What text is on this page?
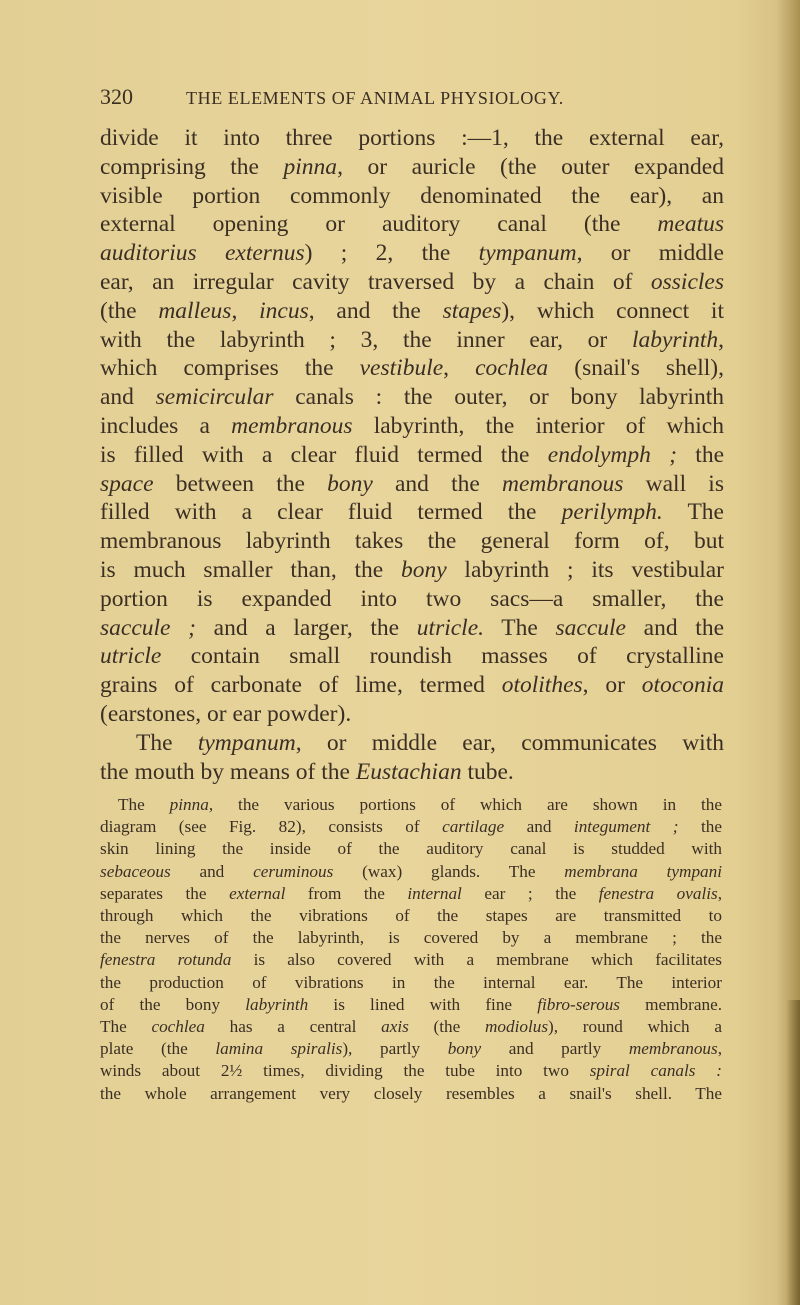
320	THE ELEMENTS OF ANIMAL PHYSIOLOGY.
divide it into three portions :—1, the external ear,
comprising the pinna, or auricle (the outer expanded
visible portion commonly denominated the ear), an
external opening or auditory canal (the meatus
auditorius externus) ; 2, the tympanum, or middle
ear, an irregular cavity traversed by a chain of ossicles
(the malleus, incus, and the stapes), which connect it
with the labyrinth ; 3, the inner ear, or labyrinth,
which comprises the vestibule, cochlea (snail's shell),
and semicircular canals : the outer, or bony labyrinth
includes a membranous labyrinth, the interior of which
is filled with a clear fluid termed the endolymph ; the
space between the bony and the membranous wall is
filled with a clear fluid termed the perilymph. The
membranous labyrinth takes the general form of, but
is much smaller than, the bony labyrinth ; its vestibular
portion is expanded into two sacs—a smaller, the
saccule ; and a larger, the utricle. The saccule and the
utricle contain small roundish masses of crystalline
grains of carbonate of lime, termed otolithes, or otoconia
(earstones, or ear powder).
The tympanum, or middle ear, communicates with
the mouth by means of the Eustachian tube.
The pinna, the various portions of which are shown in the
diagram (see Fig. 82), consists of cartilage and integument ; the
skin lining the inside of the auditory canal is studded with
sebaceous and ceruminous (wax) glands. The membrana tympani
separates the external from the internal ear ; the fenestra ovalis,
through which the vibrations of the stapes are transmitted to
the nerves of the labyrinth, is covered by a membrane ; the
fenestra rotunda is also covered with a membrane which facilitates
the production of vibrations in the internal ear. The interior
of the bony labyrinth is lined with fine fibro-serous membrane.
The cochlea has a central axis (the modiolus), round which a
plate (the lamina spiralis), partly bony and partly membranous,
winds about 2½ times, dividing the tube into two spiral canals :
the whole arrangement very closely resembles a snail's shell. The
